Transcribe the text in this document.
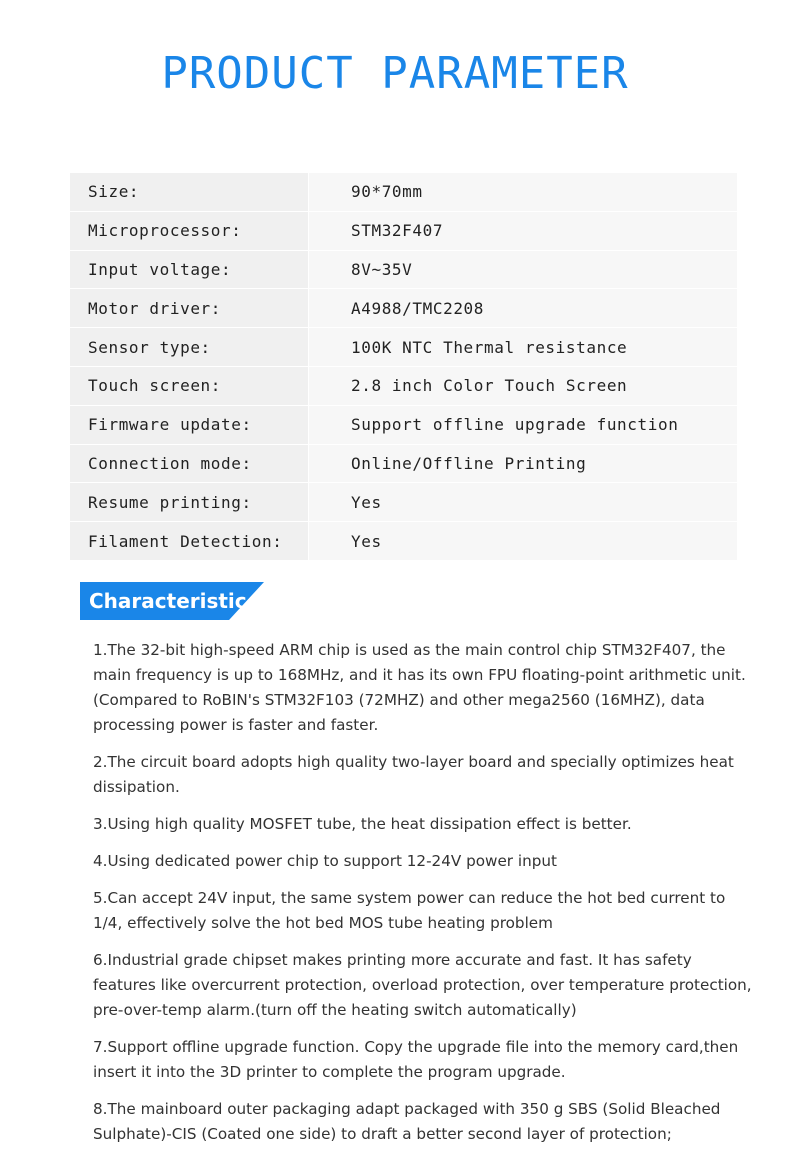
PRODUCT PARAMETER
Size:	90*70mm
Microprocessor:	STM32F407
Input voltage:	8V~35V
Motor driver:	A4988/TMC2208
Sensor type:	100K NTC Thermal resistance
Touch screen:	2.8 inch Color Touch Screen
Firmware update:	Support offline upgrade function
Connection mode:	Online/Offline Printing
Resume printing:	Yes
Filament Detection:	Yes
Characteristic

1.The 32-bit high-speed ARM chip is used as the main control chip STM32F407, the main frequency is up to 168MHz, and it has its own FPU floating-point arithmetic unit. (Compared to RoBIN's STM32F103 (72MHZ) and other mega2560 (16MHZ), data processing power is faster and faster.

2.The circuit board adopts high quality two-layer board and specially optimizes heat dissipation.

3.Using high quality MOSFET tube, the heat dissipation effect is better.

4.Using dedicated power chip to support 12-24V power input

5.Can accept 24V input, the same system power can reduce the hot bed current to 1/4, effectively solve the hot bed MOS tube heating problem

6.Industrial grade chipset makes printing more accurate and fast. It has safety features like overcurrent protection, overload protection, over temperature protection, pre-over-temp alarm.(turn off the heating switch automatically)

7.Support offline upgrade function. Copy the upgrade file into the memory card,then insert it into the 3D printer to complete the program upgrade.

8.The mainboard outer packaging adapt packaged with 350 g SBS (Solid Bleached Sulphate)-CIS (Coated one side) to draft a better second layer of protection;
